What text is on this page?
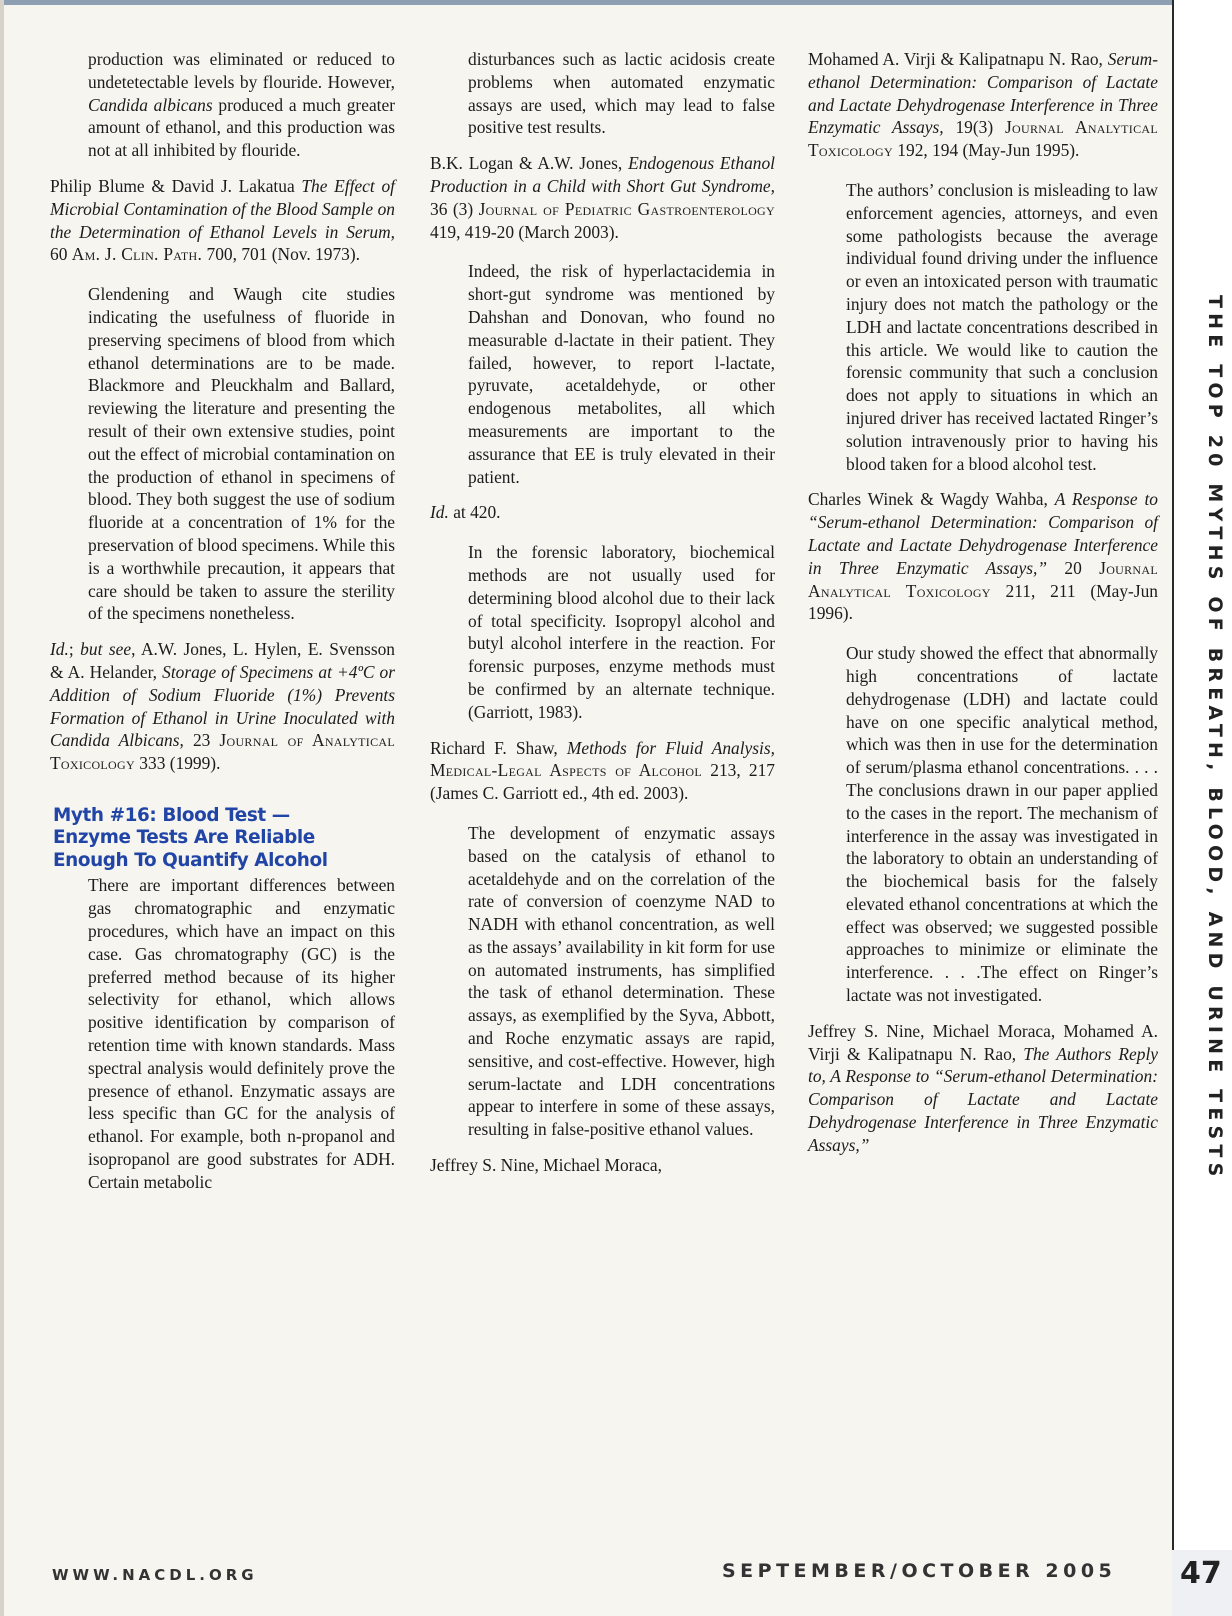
production was eliminated or reduced to undetetectable levels by flouride. However, Candida albicans produced a much greater amount of ethanol, and this production was not at all inhibited by flouride.

Philip Blume & David J. Lakatua The Effect of Microbial Contamination of the Blood Sample on the Determination of Ethanol Levels in Serum, 60 Am. J. Clin. Path. 700, 701 (Nov. 1973).

Glendening and Waugh cite studies indicating the usefulness of fluoride in preserving specimens of blood from which ethanol determinations are to be made. Blackmore and Pleuckhalm and Ballard, reviewing the literature and presenting the result of their own extensive studies, point out the effect of microbial contamination on the production of ethanol in specimens of blood. They both suggest the use of sodium fluoride at a concentration of 1% for the preservation of blood specimens. While this is a worthwhile precaution, it appears that care should be taken to assure the sterility of the specimens nonetheless.

Id.; but see, A.W. Jones, L. Hylen, E. Svensson & A. Helander, Storage of Specimens at +4ºC or Addition of Sodium Fluoride (1%) Prevents Formation of Ethanol in Urine Inoculated with Candida Albicans, 23 Journal of Analytical Toxicology 333 (1999).

Myth #16: Blood Test —
Enzyme Tests Are Reliable
Enough To Quantify Alcohol

There are important differences between gas chromatographic and enzymatic procedures, which have an impact on this case. Gas chromatography (GC) is the preferred method because of its higher selectivity for ethanol, which allows positive identification by comparison of retention time with known standards. Mass spectral analysis would definitely prove the presence of ethanol. Enzymatic assays are less specific than GC for the analysis of ethanol. For example, both n-propanol and isopropanol are good substrates for ADH. Certain metabolic

disturbances such as lactic acidosis create problems when automated enzymatic assays are used, which may lead to false positive test results.

B.K. Logan & A.W. Jones, Endogenous Ethanol Production in a Child with Short Gut Syndrome, 36 (3) Journal of Pediatric Gastroenterology 419, 419-20 (March 2003).

Indeed, the risk of hyperlactacidemia in short-gut syndrome was mentioned by Dahshan and Donovan, who found no measurable d-lactate in their patient. They failed, however, to report l-lactate, pyruvate, acetaldehyde, or other endogenous metabolites, all which measurements are important to the assurance that EE is truly elevated in their patient.

Id. at 420.

In the forensic laboratory, biochemical methods are not usually used for determining blood alcohol due to their lack of total specificity. Isopropyl alcohol and butyl alcohol interfere in the reaction. For forensic purposes, enzyme methods must be confirmed by an alternate technique. (Garriott, 1983).

Richard F. Shaw, Methods for Fluid Analysis, Medical-Legal Aspects of Alcohol 213, 217 (James C. Garriott ed., 4th ed. 2003).

The development of enzymatic assays based on the catalysis of ethanol to acetaldehyde and on the correlation of the rate of conversion of coenzyme NAD to NADH with ethanol concentration, as well as the assays’ availability in kit form for use on automated instruments, has simplified the task of ethanol determination. These assays, as exemplified by the Syva, Abbott, and Roche enzymatic assays are rapid, sensitive, and cost-effective. However, high serum-lactate and LDH concentrations appear to interfere in some of these assays, resulting in false-positive ethanol values.

Jeffrey S. Nine, Michael Moraca,

Mohamed A. Virji & Kalipatnapu N. Rao, Serum-ethanol Determination: Comparison of Lactate and Lactate Dehydrogenase Interference in Three Enzymatic Assays, 19(3) Journal Analytical Toxicology 192, 194 (May-Jun 1995).

The authors’ conclusion is misleading to law enforcement agencies, attorneys, and even some pathologists because the average individual found driving under the influence or even an intoxicated person with traumatic injury does not match the pathology or the LDH and lactate concentrations described in this article. We would like to caution the forensic community that such a conclusion does not apply to situations in which an injured driver has received lactated Ringer’s solution intravenously prior to having his blood taken for a blood alcohol test.

Charles Winek & Wagdy Wahba, A Response to “Serum-ethanol Determination: Comparison of Lactate and Lactate Dehydrogenase Interference in Three Enzymatic Assays,” 20 Journal Analytical Toxicology 211, 211 (May-Jun 1996).

Our study showed the effect that abnormally high concentrations of lactate dehydrogenase (LDH) and lactate could have on one specific analytical method, which was then in use for the determination of serum/plasma ethanol concentrations. . . . The conclusions drawn in our paper applied to the cases in the report. The mechanism of interference in the assay was investigated in the laboratory to obtain an understanding of the biochemical basis for the falsely elevated ethanol concentrations at which the effect was observed; we suggested possible approaches to minimize or eliminate the interference. . . .The effect on Ringer’s lactate was not investigated.

Jeffrey S. Nine, Michael Moraca, Mohamed A. Virji & Kalipatnapu N. Rao, The Authors Reply to, A Response to “Serum-ethanol Determination: Comparison of Lactate and Lactate Dehydrogenase Interference in Three Enzymatic Assays,”	THE TOP 20 MYTHS OF BREATH, BLOOD, AND URINE TESTS
WWW.NACDL.ORG	SEPTEMBER/OCTOBER 2005 47
